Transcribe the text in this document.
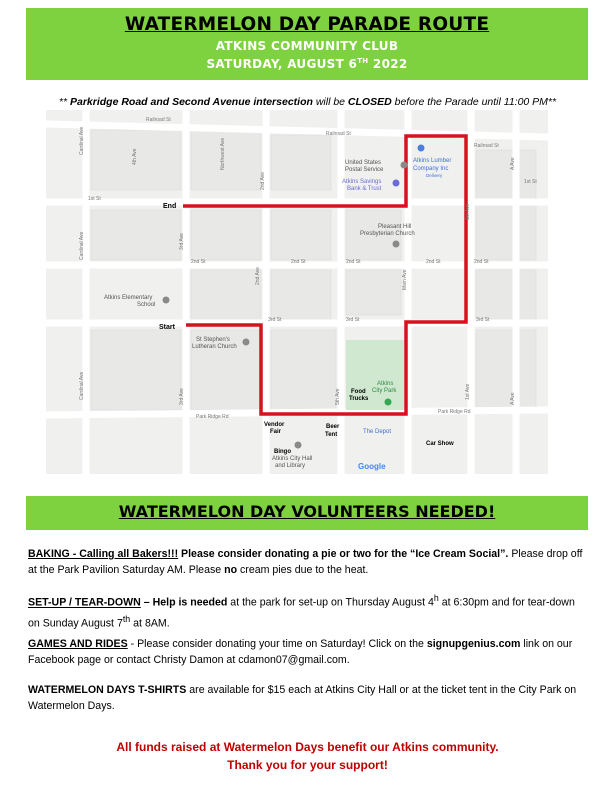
WATERMELON DAY PARADE ROUTE
ATKINS COMMUNITY CLUB
SATURDAY, AUGUST 6TH 2022
** Parkridge Road and Second Avenue intersection will be CLOSED before the Parade until 11:00 PM**
Railroad St
Railroad St
Railroad St
1st St
1st St
2nd St	2nd St	2nd St	2nd St	2nd St
3rd St	3rd St	3rd St
Park Ridge Rd
Park Ridge Rd
Cardinal Ave
Cardinal Ave
Cardinal Ave
4th Ave
3rd Ave
3rd Ave
Northwest Ave
2nd Ave
2nd Ave	Main Ave
1st Ave
1st Ave
A Ave
A Ave
5th Ave
United States
Postal Service
Atkins Lumber
Company Inc
Delivery
Atkins Savings
Bank & Trust
Pleasant Hill
Presbyterian Church
Atkins Elementary
School
St Stephen's
Lutheran Church
Atkins
City Park
Food
Trucks
Vendor
Fair
Beer
Tent	The Depot
Car Show
Bingo
Atkins City Hall
and Library
End
Start
Google
WATERMELON DAY VOLUNTEERS NEEDED!
BAKING - Calling all Bakers!!! Please consider donating a pie or two for the “Ice Cream Social”. Please drop off at the Park Pavilion Saturday AM. Please no cream pies due to the heat.
SET-UP / TEAR-DOWN – Help is needed at the park for set-up on Thursday August 4$^h$ at 6:30pm and for tear-down on Sunday August 7th at 8AM.
GAMES AND RIDES - Please consider donating your time on Saturday! Click on the signupgenius.com link on our Facebook page or contact Christy Damon at cdamon07@gmail.com.
WATERMELON DAYS T-SHIRTS are available for $15 each at Atkins City Hall or at the ticket tent in the City Park on Watermelon Days.
All funds raised at Watermelon Days benefit our Atkins community.
Thank you for your support!
